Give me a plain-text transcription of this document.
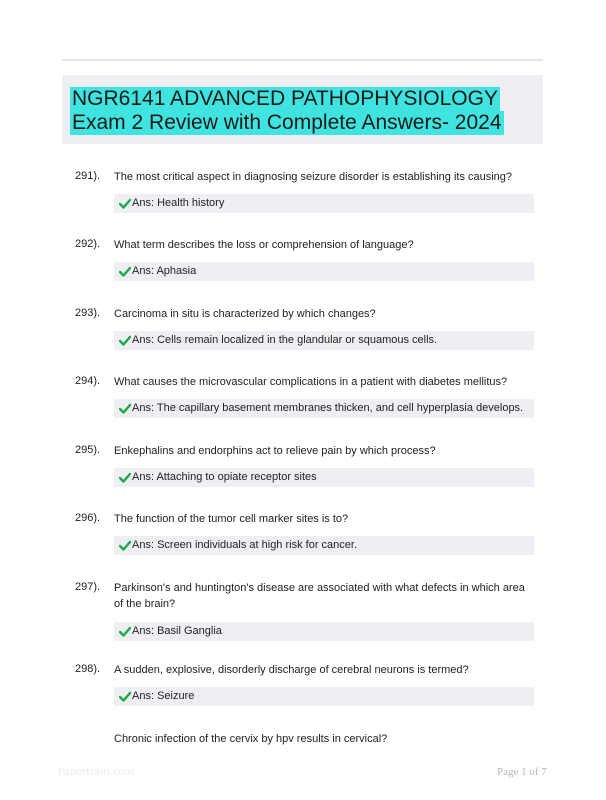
NGR6141 ADVANCED PATHOPHYSIOLOGY
Exam 2 Review with Complete Answers- 2024
291). The most critical aspect in diagnosing seizure disorder is establishing its causing?
Ans: Health history
292). What term describes the loss or comprehension of language?
Ans: Aphasia
293). Carcinoma in situ is characterized by which changes?
Ans: Cells remain localized in the glandular or squamous cells.
294). What causes the microvascular complications in a patient with diabetes mellitus?
Ans: The capillary basement membranes thicken, and cell hyperplasia develops.
295). Enkephalins and endorphins act to relieve pain by which process?
Ans: Attaching to opiate receptor sites
296). The function of the tumor cell marker sites is to?
Ans: Screen individuals at high risk for cancer.
297). Parkinson's and huntington's disease are associated with what defects in which area of the brain?
Ans: Basil Ganglia
298). A sudden, explosive, disorderly discharge of cerebral neurons is termed?
Ans: Seizure
Chronic infection of the cervix by hpv results in cervical?
Papertrain.com	Page 1 of 7
